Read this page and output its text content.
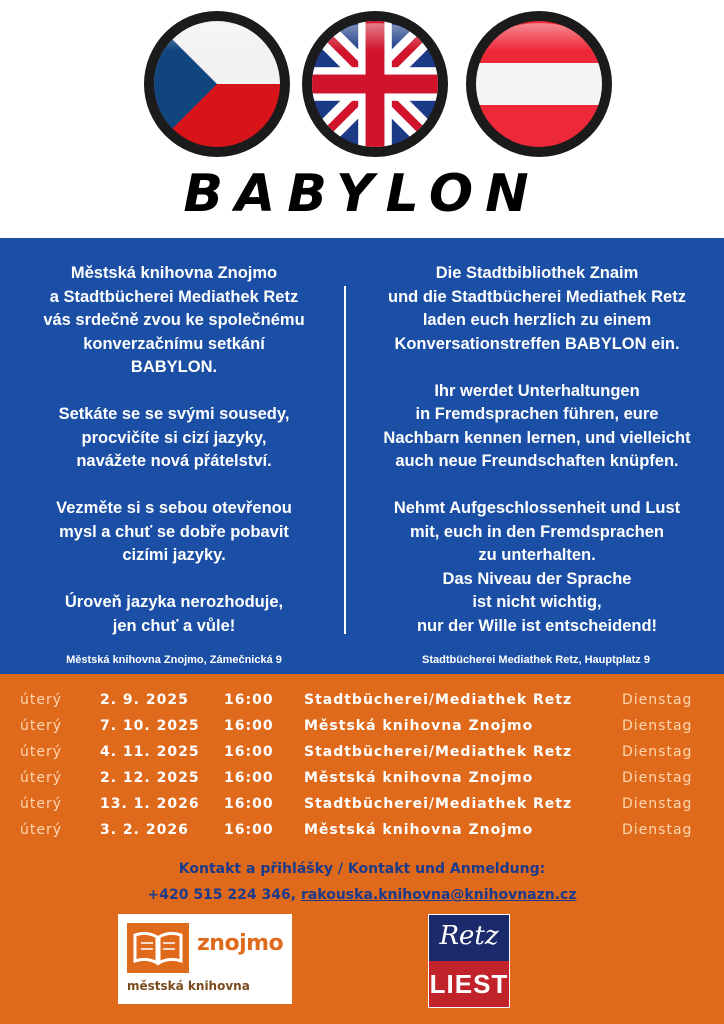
BABYLON

Městská knihovna Znojmo
a Stadtbücherei Mediathek Retz
vás srdečně zvou ke společnému
konverzačnímu setkání
BABYLON.

Setkáte se se svými sousedy,
procvičíte si cizí jazyky,
navážete nová přátelství.

Vezměte si s sebou otevřenou
mysl a chuť se dobře pobavit
cizími jazyky.

Úroveň jazyka nerozhoduje,
jen chuť a vůle!

Die Stadtbibliothek Znaim
und die Stadtbücherei Mediathek Retz
laden euch herzlich zu einem
Konversationstreffen BABYLON ein.

Ihr werdet Unterhaltungen
in Fremdsprachen führen, eure
Nachbarn kennen lernen, und vielleicht
auch neue Freundschaften knüpfen.

Nehmt Aufgeschlossenheit und Lust
mit, euch in den Fremdsprachen
zu unterhalten.
Das Niveau der Sprache
ist nicht wichtig,
nur der Wille ist entscheidend!

Městská knihovna Znojmo, Zámečnická 9	Stadtbücherei Mediathek Retz, Hauptplatz 9
úterý	2. 9. 2025	16:00 Stadtbücherei/Mediathek Retz	Dienstag
úterý	7. 10. 2025 16:00 Městská knihovna Znojmo	Dienstag
úterý	4. 11. 2025 16:00 Stadtbücherei/Mediathek Retz	Dienstag
úterý	2. 12. 2025 16:00 Městská knihovna Znojmo	Dienstag
úterý	13. 1. 2026 16:00 Stadtbücherei/Mediathek Retz	Dienstag
úterý	3. 2. 2026	16:00 Městská knihovna Znojmo	Dienstag
Kontakt a přihlášky / Kontakt und Anmeldung:
+420 515 224 346, rakouska.knihovna@knihovnazn.cz
znojmo
městská knihovna
Retz
LIEST
